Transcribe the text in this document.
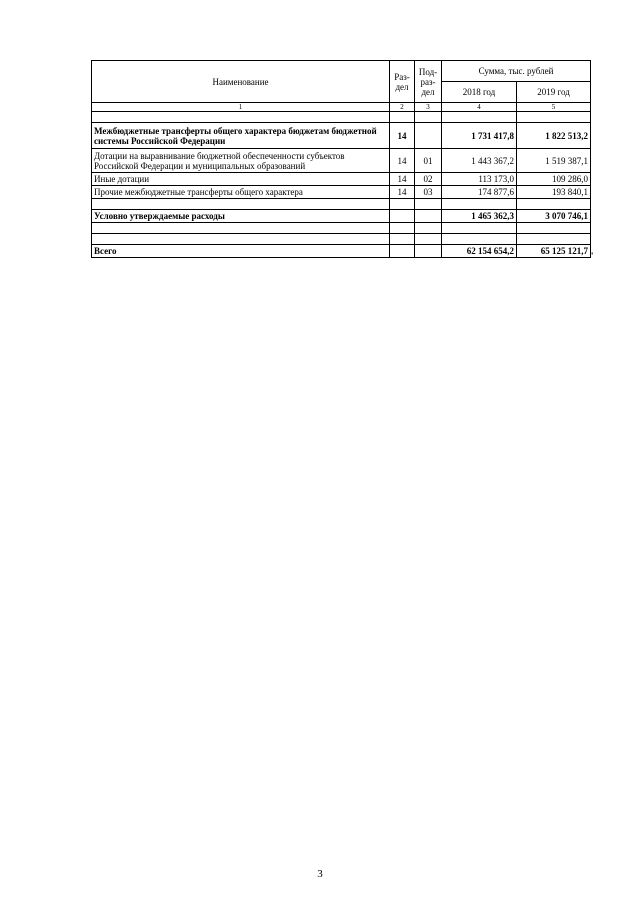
Наименование	Раз-дел	Под-раз-дел	Сумма, тыс. рублей	
			2018 год	2019 год
1	2	3	4	5

Межбюджетные трансферты общего характера бюджетам бюджетной системы Российской Федерации	14		1 731 417,8	1 822 513,2
Дотации на выравнивание бюджетной обеспеченности субъектов Российской Федерации и муниципальных образований	14	01	1 443 367,2	1 519 387,1
Иные дотации	14	02	113 173,0	109 286,0
Прочие межбюджетные трансферты общего характера	14	03	174 877,6	193 840,1

Условно утверждаемые расходы			1 465 362,3	3 070 746,1

Всего			62 154 654,2	65 125 121,7 "
3
